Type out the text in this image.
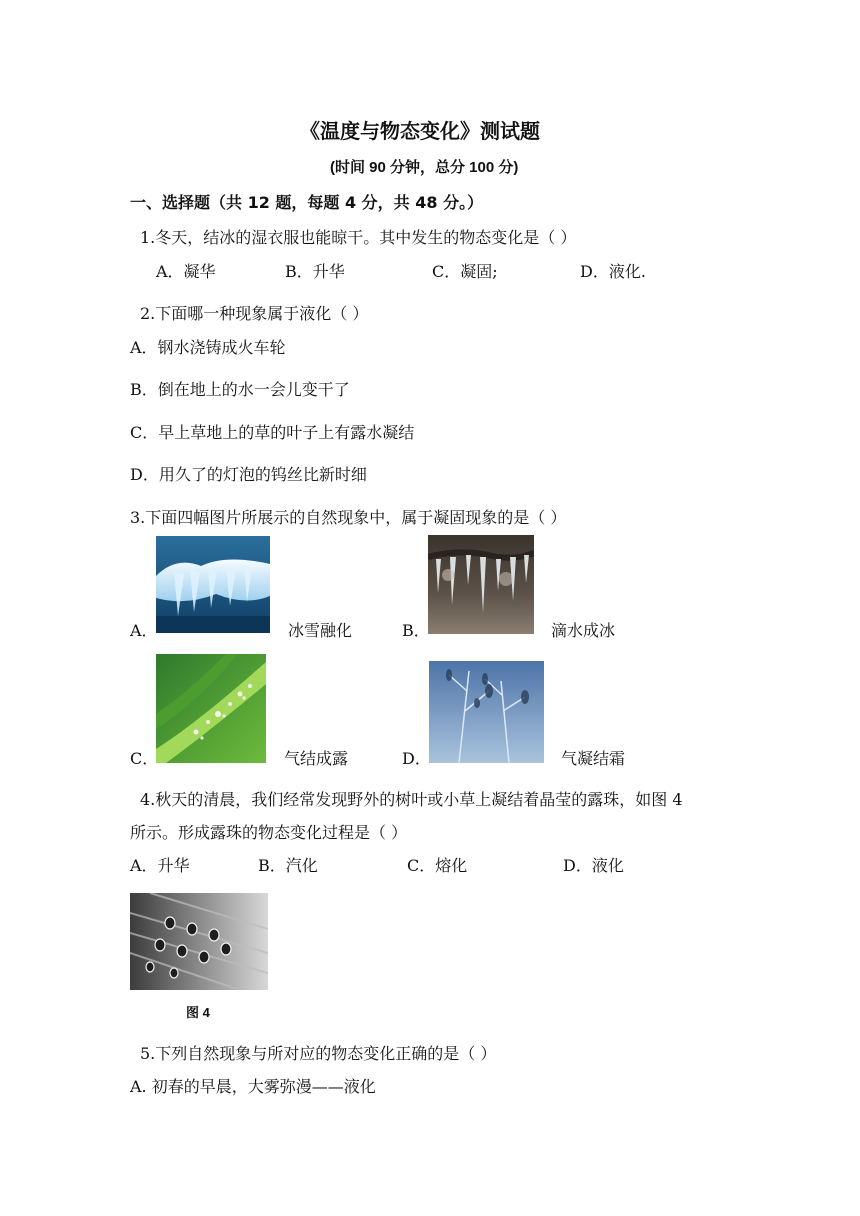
《温度与物态变化》测试题
(时间 90 分钟，总分 100 分)
一、选择题（共 12 题，每题 4 分，共 48 分。）
1.冬天，结冰的湿衣服也能晾干。其中发生的物态变化是（ ）
A．凝华	B．升华	C．凝固;	D．液化.
2.下面哪一种现象属于液化（ ）
A．钢水浇铸成火车轮
B．倒在地上的水一会儿变干了
C．早上草地上的草的叶子上有露水凝结
D．用久了的灯泡的钨丝比新时细
3.下面四幅图片所展示的自然现象中，属于凝固现象的是（ ）
A．	冰雪融化	B．	滴水成冰
C．	气结成露	D．	气凝结霜
4.秋天的清晨，我们经常发现野外的树叶或小草上凝结着晶莹的露珠，如图 4
所示。形成露珠的物态变化过程是（ ）
A．升华	B．汽化	C．熔化	D．液化
图 4
5.下列自然现象与所对应的物态变化正确的是（ ）
A. 初春的早晨，大雾弥漫——液化
